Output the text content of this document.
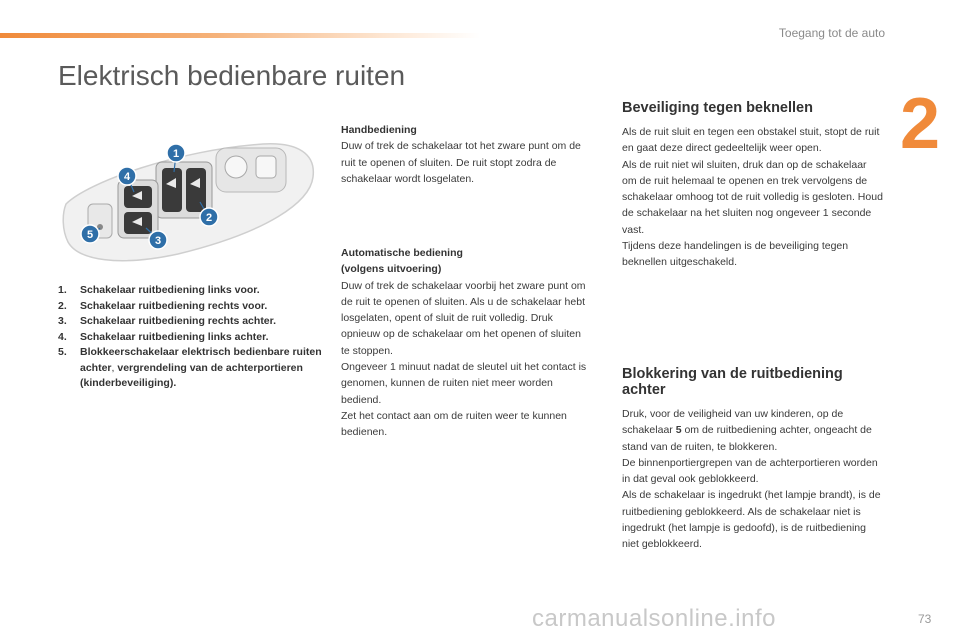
Toegang tot de auto
2
Elektrisch bedienbare ruiten
1
2
3
4
5
1.	Schakelaar ruitbediening links voor.
2.	Schakelaar ruitbediening rechts voor.
3.	Schakelaar ruitbediening rechts achter.
4.	Schakelaar ruitbediening links achter.
5.	Blokkeerschakelaar elektrisch bedienbare ruiten achter, vergrendeling van de achterportieren (kinderbeveiliging).
Handbediening
Duw of trek de schakelaar tot het zware punt om de ruit te openen of sluiten. De ruit stopt zodra de schakelaar wordt losgelaten.
Automatische bediening
(volgens uitvoering)
Duw of trek de schakelaar voorbij het zware punt om de ruit te openen of sluiten. Als u de schakelaar hebt losgelaten, opent of sluit de ruit volledig. Druk opnieuw op de schakelaar om het openen of sluiten te stoppen.
Ongeveer 1 minuut nadat de sleutel uit het contact is genomen, kunnen de ruiten niet meer worden bediend.
Zet het contact aan om de ruiten weer te kunnen bedienen.
Beveiliging tegen beknellen
Als de ruit sluit en tegen een obstakel stuit, stopt de ruit en gaat deze direct gedeeltelijk weer open.
Als de ruit niet wil sluiten, druk dan op de schakelaar om de ruit helemaal te openen en trek vervolgens de schakelaar omhoog tot de ruit volledig is gesloten. Houd de schakelaar na het sluiten nog ongeveer 1 seconde vast.
Tijdens deze handelingen is de beveiliging tegen beknellen uitgeschakeld.
Blokkering van de ruitbediening
achter
Druk, voor de veiligheid van uw kinderen, op de schakelaar 5 om de ruitbediening achter, ongeacht de stand van de ruiten, te blokkeren.
De binnenportiergrepen van de achterportieren worden in dat geval ook geblokkeerd.
Als de schakelaar is ingedrukt (het lampje brandt), is de ruitbediening geblokkeerd. Als de schakelaar niet is ingedrukt (het lampje is gedoofd), is de ruitbediening niet geblokkeerd.
carmanualsonline.info	73
